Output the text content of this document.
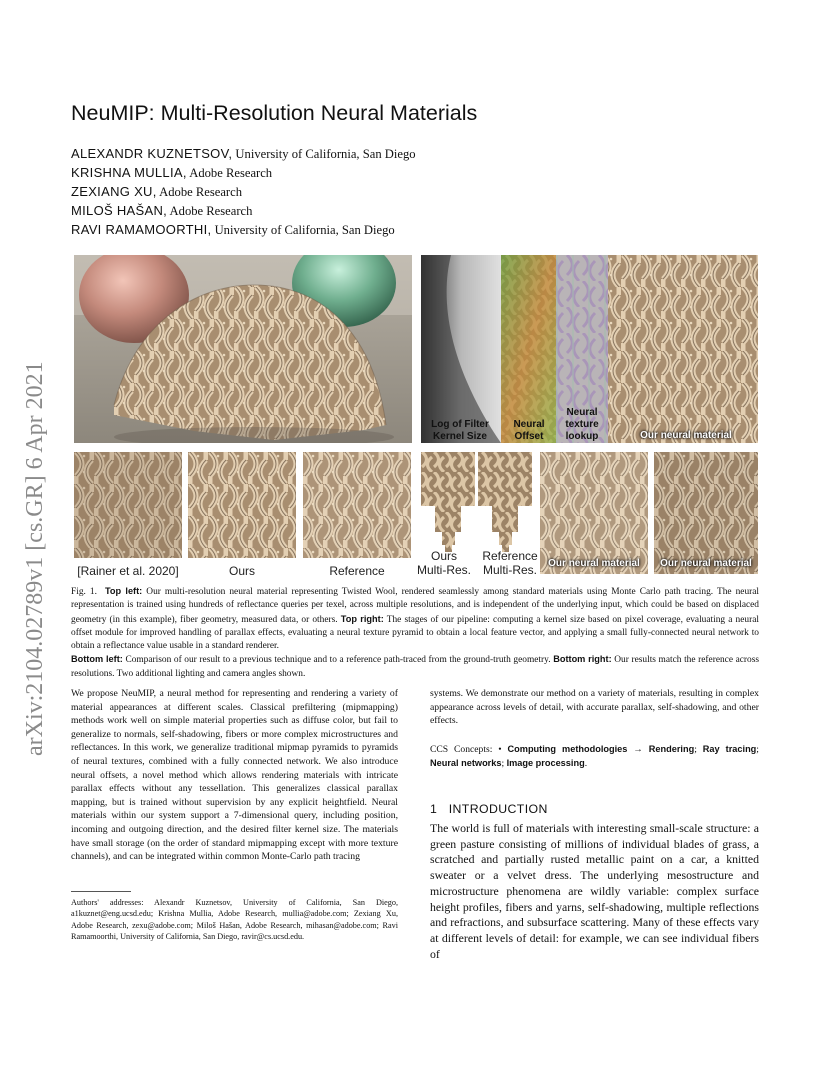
arXiv:2104.02789v1 [cs.GR] 6 Apr 2021
NeuMIP: Multi-Resolution Neural Materials
ALEXANDR KUZNETSOV, University of California, San Diego
KRISHNA MULLIA, Adobe Research
ZEXIANG XU, Adobe Research
MILOŠ HAŠAN, Adobe Research
RAVI RAMAMOORTHI, University of California, San Diego
Log of Filter
Kernel Size
Neural
Offset
Neural
texture
lookup	Our neural material
[Rainer et al. 2020]	Ours	Reference
Ours
Multi-Res.
Reference
Multi-Res.	Our neural material	Our neural material
Fig. 1. Top left: Our multi-resolution neural material representing Twisted Wool, rendered seamlessly among standard materials using Monte Carlo path tracing. The neural representation is trained using hundreds of reflectance queries per texel, across multiple resolutions, and is independent of the underlying input, which could be based on displaced geometry (in this example), fiber geometry, measured data, or others. Top right: The stages of our pipeline: computing a kernel size based on pixel coverage, evaluating a neural offset module for improved handling of parallax effects, evaluating a neural texture pyramid to obtain a local feature vector, and applying a small fully-connected neural network to obtain a reflectance value usable in a standard renderer.
Bottom left: Comparison of our result to a previous technique and to a reference path-traced from the ground-truth geometry. Bottom right: Our results match the reference across resolutions. Two additional lighting and camera angles shown.
We propose NeuMIP, a neural method for representing and rendering a variety of material appearances at different scales. Classical prefiltering (mipmapping) methods work well on simple material properties such as diffuse color, but fail to generalize to normals, self-shadowing, fibers or more complex microstructures and reflectances. In this work, we generalize traditional mipmap pyramids to pyramids of neural textures, combined with a fully connected network. We also introduce neural offsets, a novel method which allows rendering materials with intricate parallax effects without any tessellation. This generalizes classical parallax mapping, but is trained without supervision by any explicit heightfield. Neural materials within our system support a 7-dimensional query, including position, incoming and outgoing direction, and the desired filter kernel size. The materials have small storage (on the order of standard mipmapping except with more texture channels), and can be integrated within common Monte-Carlo path tracing
systems. We demonstrate our method on a variety of materials, resulting in complex appearance across levels of detail, with accurate parallax, self-shadowing, and other effects.
CCS Concepts: • Computing methodologies → Rendering; Ray tracing; Neural networks; Image processing.
1   INTRODUCTION
The world is full of materials with interesting small-scale structure: a green pasture consisting of millions of individual blades of grass, a scratched and partially rusted metallic paint on a car, a knitted sweater or a velvet dress. The underlying mesostructure and microstructure phenomena are wildly variable: complex surface height profiles, fibers and yarns, self-shadowing, multiple reflections and refractions, and subsurface scattering. Many of these effects vary at different levels of detail: for example, we can see individual fibers of
Authors' addresses: Alexandr Kuznetsov, University of California, San Diego, a1kuznet@eng.ucsd.edu; Krishna Mullia, Adobe Research, mullia@adobe.com; Zexiang Xu, Adobe Research, zexu@adobe.com; Miloš Hašan, Adobe Research, mihasan@adobe.com; Ravi Ramamoorthi, University of California, San Diego, ravir@cs.ucsd.edu.
